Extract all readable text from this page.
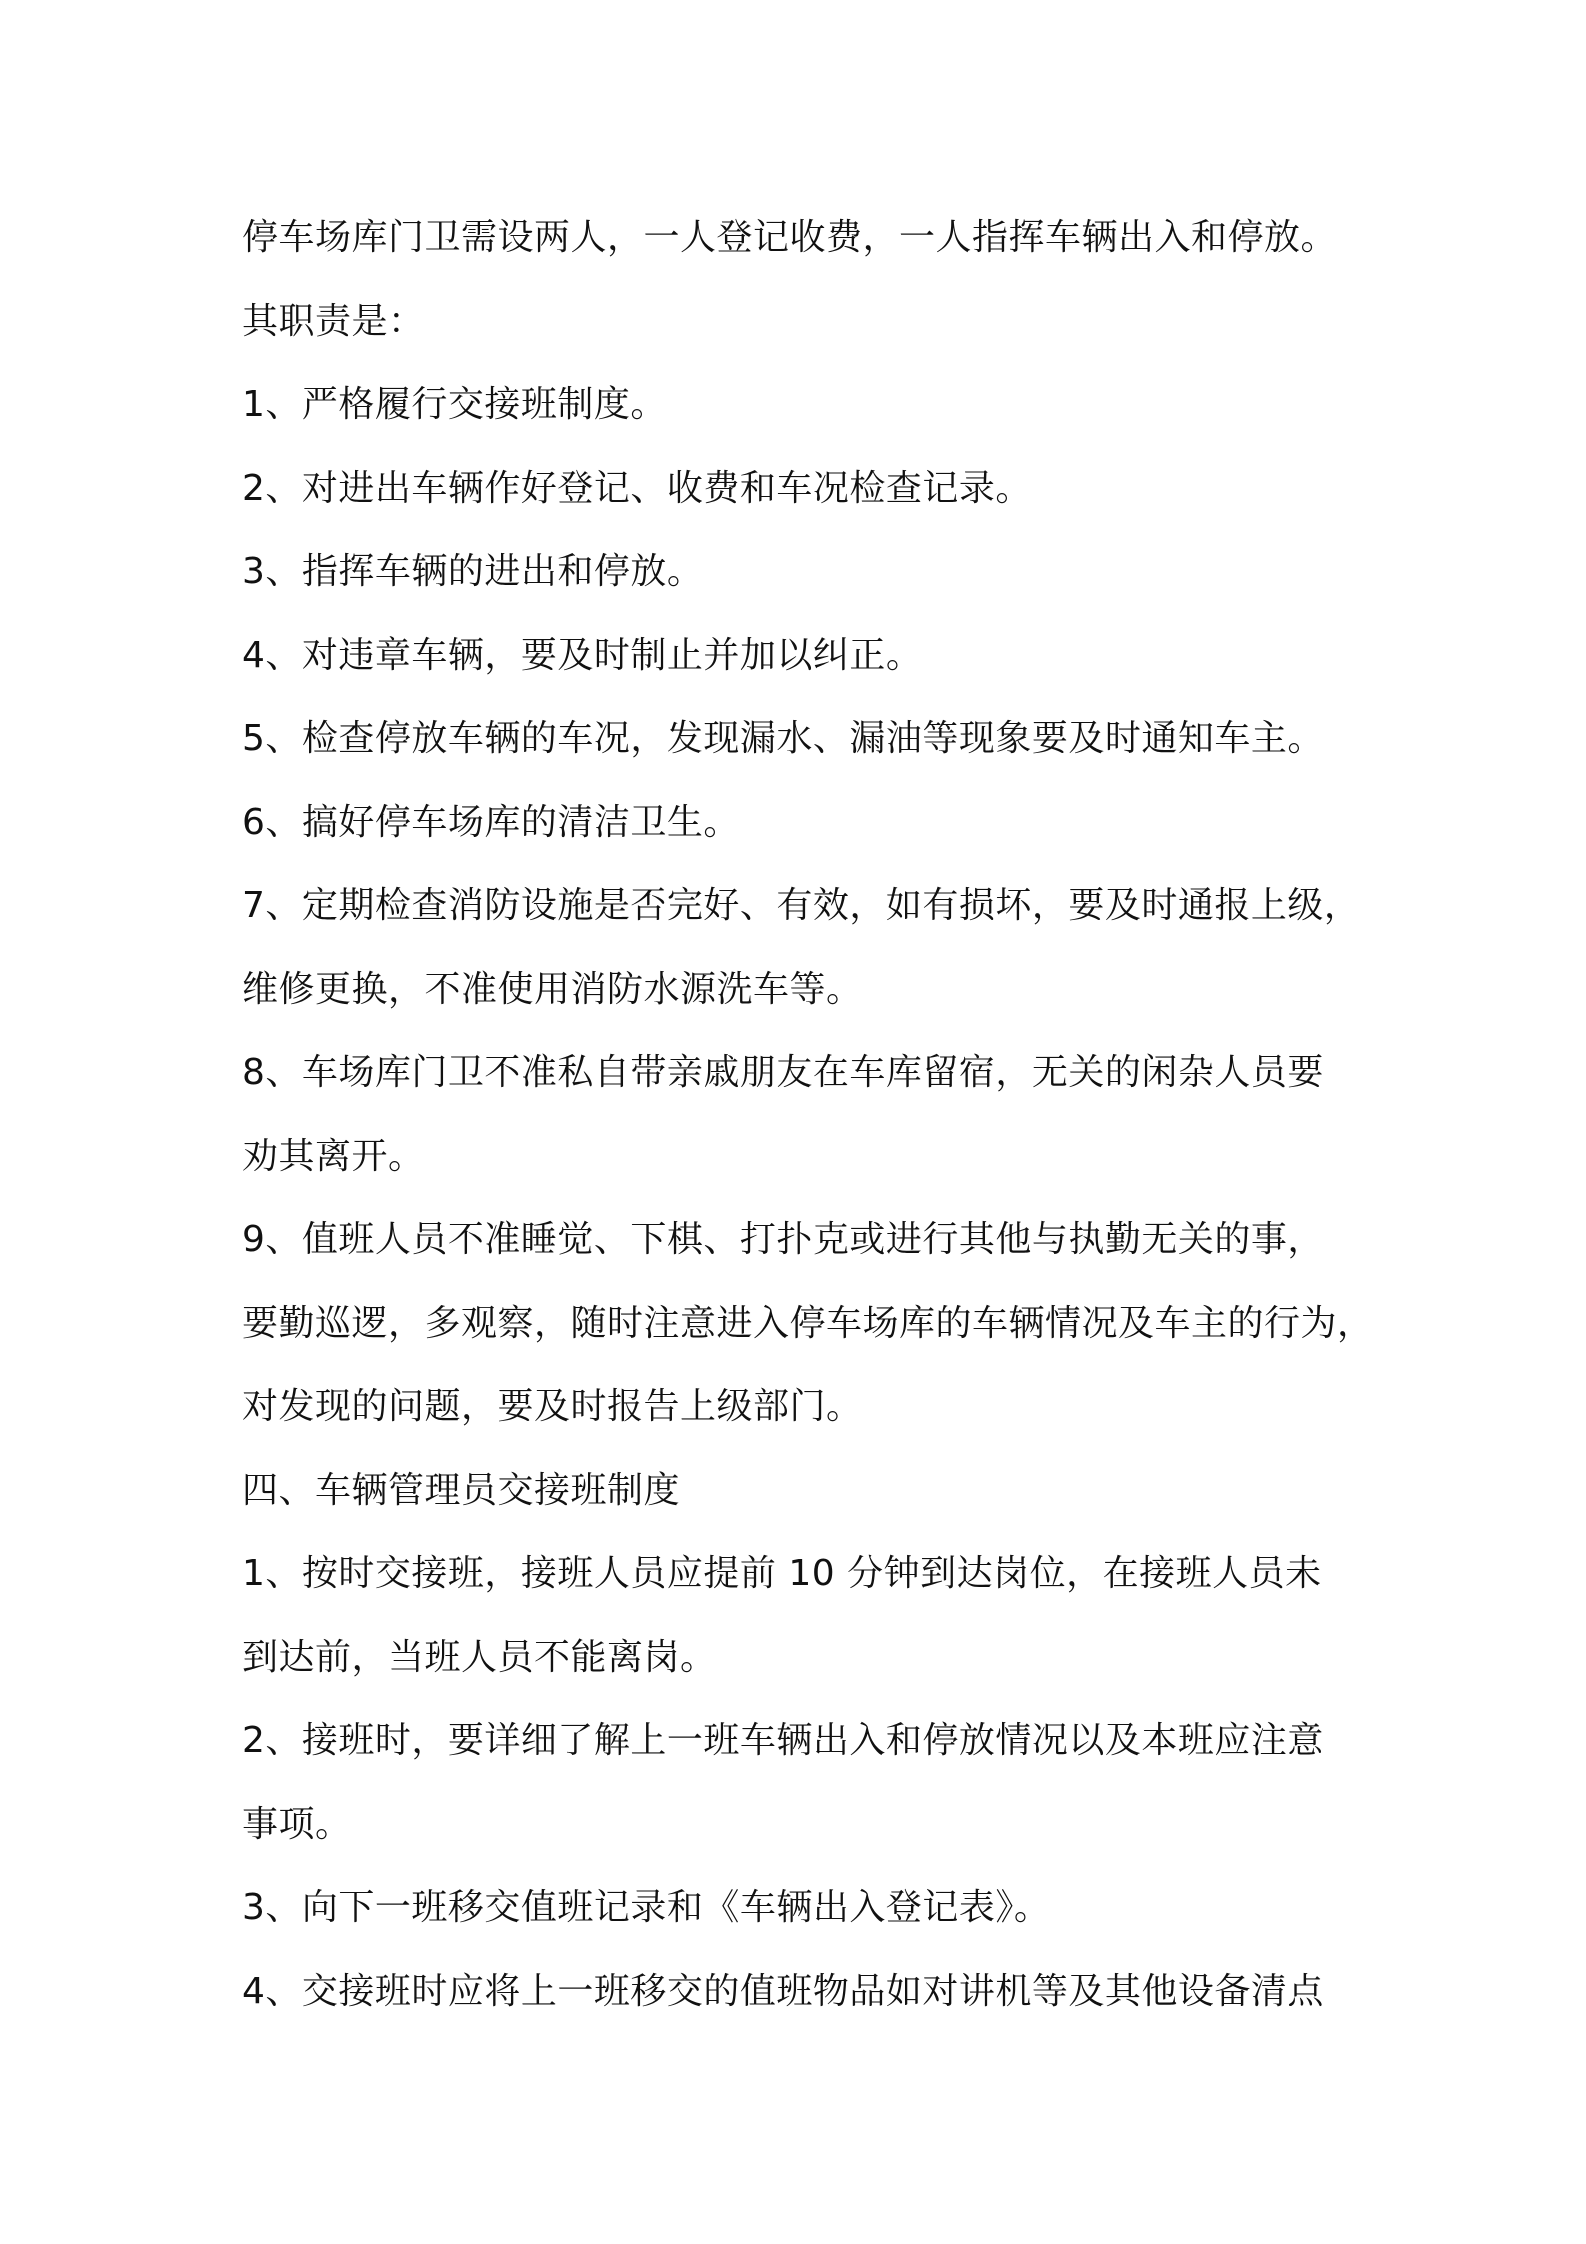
停车场库门卫需设两人，一人登记收费，一人指挥车辆出入和停放。
其职责是：
1、严格履行交接班制度。
2、对进出车辆作好登记、收费和车况检查记录。
3、指挥车辆的进出和停放。
4、对违章车辆，要及时制止并加以纠正。
5、检查停放车辆的车况，发现漏水、漏油等现象要及时通知车主。
6、搞好停车场库的清洁卫生。
7、定期检查消防设施是否完好、有效，如有损坏，要及时通报上级，
维修更换，不准使用消防水源洗车等。
8、车场库门卫不准私自带亲戚朋友在车库留宿，无关的闲杂人员要
劝其离开。
9、值班人员不准睡觉、下棋、打扑克或进行其他与执勤无关的事，
要勤巡逻，多观察，随时注意进入停车场库的车辆情况及车主的行为，
对发现的问题，要及时报告上级部门。
四、车辆管理员交接班制度
1、按时交接班，接班人员应提前 10 分钟到达岗位，在接班人员未
到达前，当班人员不能离岗。
2、接班时，要详细了解上一班车辆出入和停放情况以及本班应注意
事项。
3、向下一班移交值班记录和《车辆出入登记表》。
4、交接班时应将上一班移交的值班物品如对讲机等及其他设备清点
